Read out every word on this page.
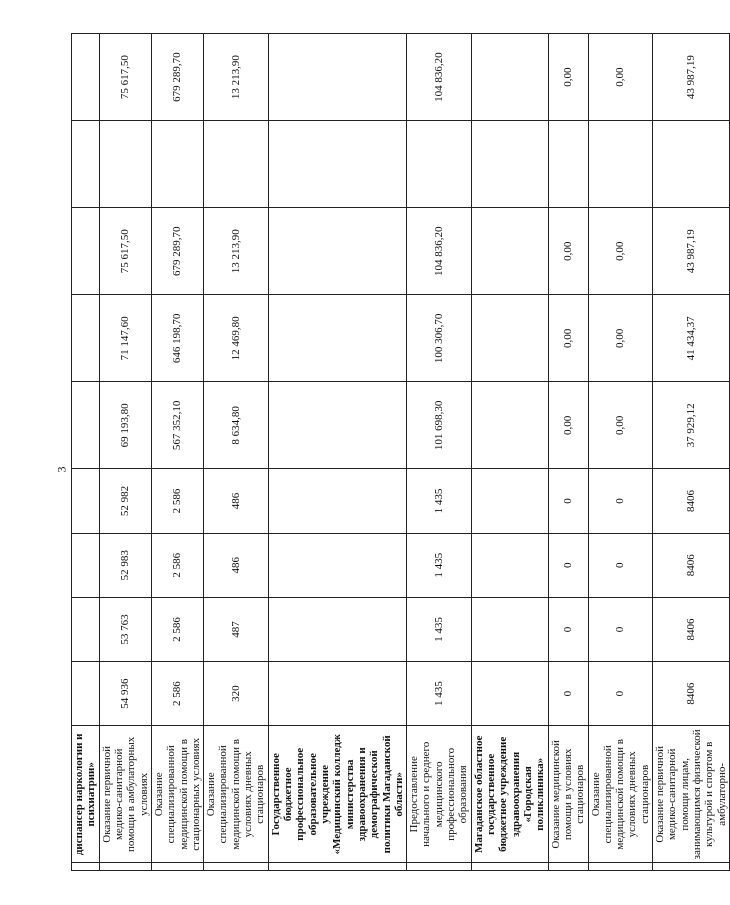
3
	диспансер наркологии и психиатрии»									
	Оказание первичной медико-санитарной помощи в амбулаторных условиях	54 936	53 763	52 983	52 982	69 193,80	71 147,60	75 617,50		75 617,50
	Оказание специализированной медицинской помощи в стационарных условиях	2 586	2 586	2 586	2 586	567 352,10	646 198,70	679 289,70		679 289,70
	Оказание специализированной медицинской помощи в условиях дневных стационаров	320	487	486	486	8 634,80	12 469,80	13 213,90		13 213,90
	Государственное бюджетное профессиональное образовательное учреждение «Медицинский колледж министерства здравоохранения и демографической политики Магаданской области»									
	Предоставление начального и среднего медицинского профессионального образования	1 435	1 435	1 435	1 435	101 698,30	100 306,70	104 836,20		104 836,20
	Магаданское областное государственное бюджетное учреждение здравоохранения «Городская поликлиника»									
	Оказание медицинской помощи в условиях стационаров	0	0	0	0	0,00	0,00	0,00		0,00
	Оказание специализированной медицинской помощи в условиях дневных стационаров	0	0	0	0	0,00	0,00	0,00		0,00
	Оказание первичной медико-санитарной помощи лицам, занимающимся физической культурой и спортом в амбулаторно-	8406	8406	8406	8406	37 929,12	41 434,37	43 987,19		43 987,19
